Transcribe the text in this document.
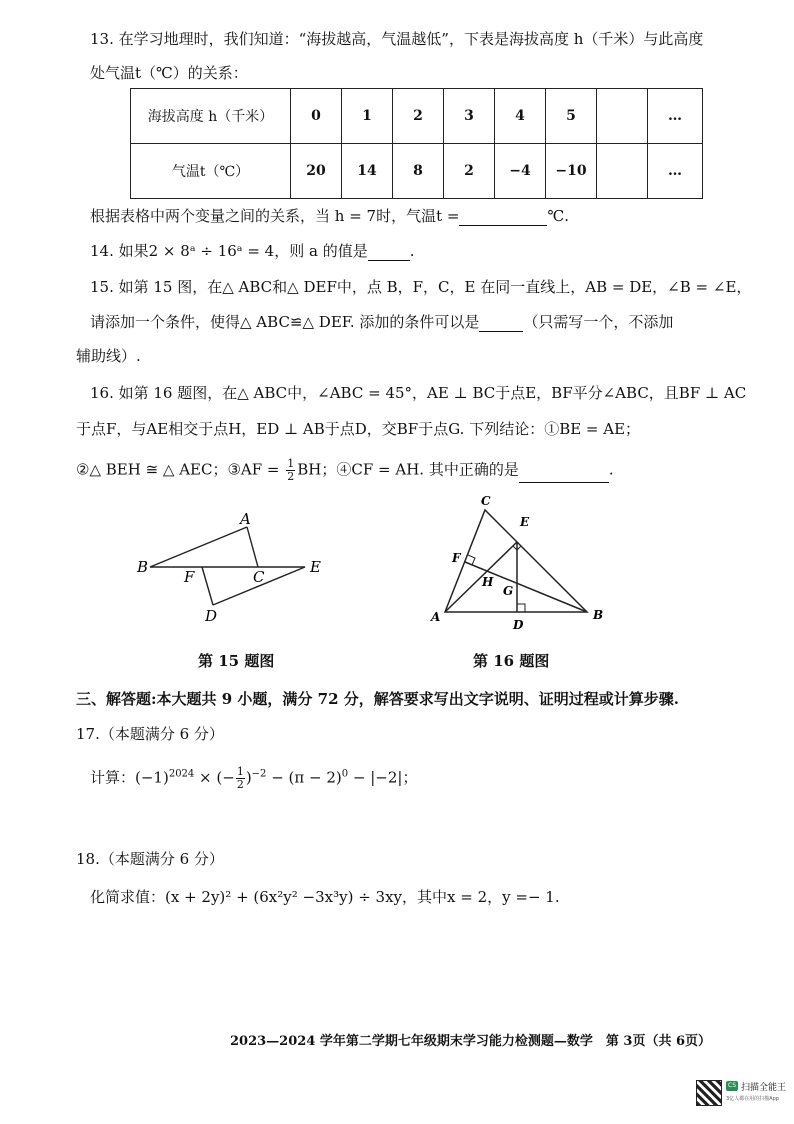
13. 在学习地理时，我们知道：“海拔越高，气温越低”，下表是海拔高度 h（千米）与此高度
处气温t（℃）的关系：
海拔高度 h（千米）	0	1	2	3	4	5		…
气温t（℃）	20	14	8	2	−4	−10		…
根据表格中两个变量之间的关系，当 h = 7时，气温t =	℃.
14. 如果2 × 8ᵃ ÷ 16ᵃ = 4，则 a 的值是	.
15. 如第 15 图，在△ ABC和△ DEF中，点 B，F，C，E 在同一直线上，AB = DE，∠B = ∠E，
请添加一个条件，使得△ ABC≌△ DEF. 添加的条件可以是	（只需写一个，不添加
辅助线）.
16. 如第 16 题图，在△ ABC中，∠ABC = 45°，AE ⊥ BC于点E，BF平分∠ABC，且BF ⊥ AC
于点F，与AE相交于点H，ED ⊥ AB于点D，交BF于点G. 下列结论：①BE = AE；
②△ BEH ≅ △ AEC；③AF = $\frac{1}{2}$ BH；④CF = AH. 其中正确的是	.
B
A
C
E
F
D
第 15 题图
C
E
F
H
G
A	B
D
第 16 题图
三、解答题:本大题共 9 小题，满分 72 分，解答要求写出文字说明、证明过程或计算步骤.
17.（本题满分 6 分）
计算：$(-1)^{2024}$ × (− $\frac{1}{2} )^{-2} - (\pi - 2)^0 - |-2|$；
18.（本题满分 6 分）
化简求值：(x + 2y)² + (6x²y² −3x³y) ÷ 3xy，其中x = 2，y =− 1.
2023—2024 学年第二学期七年级期末学习能力检测题—数学　第 3页（共 6页）
CS 扫描全能王
3亿人都在用的扫描App
